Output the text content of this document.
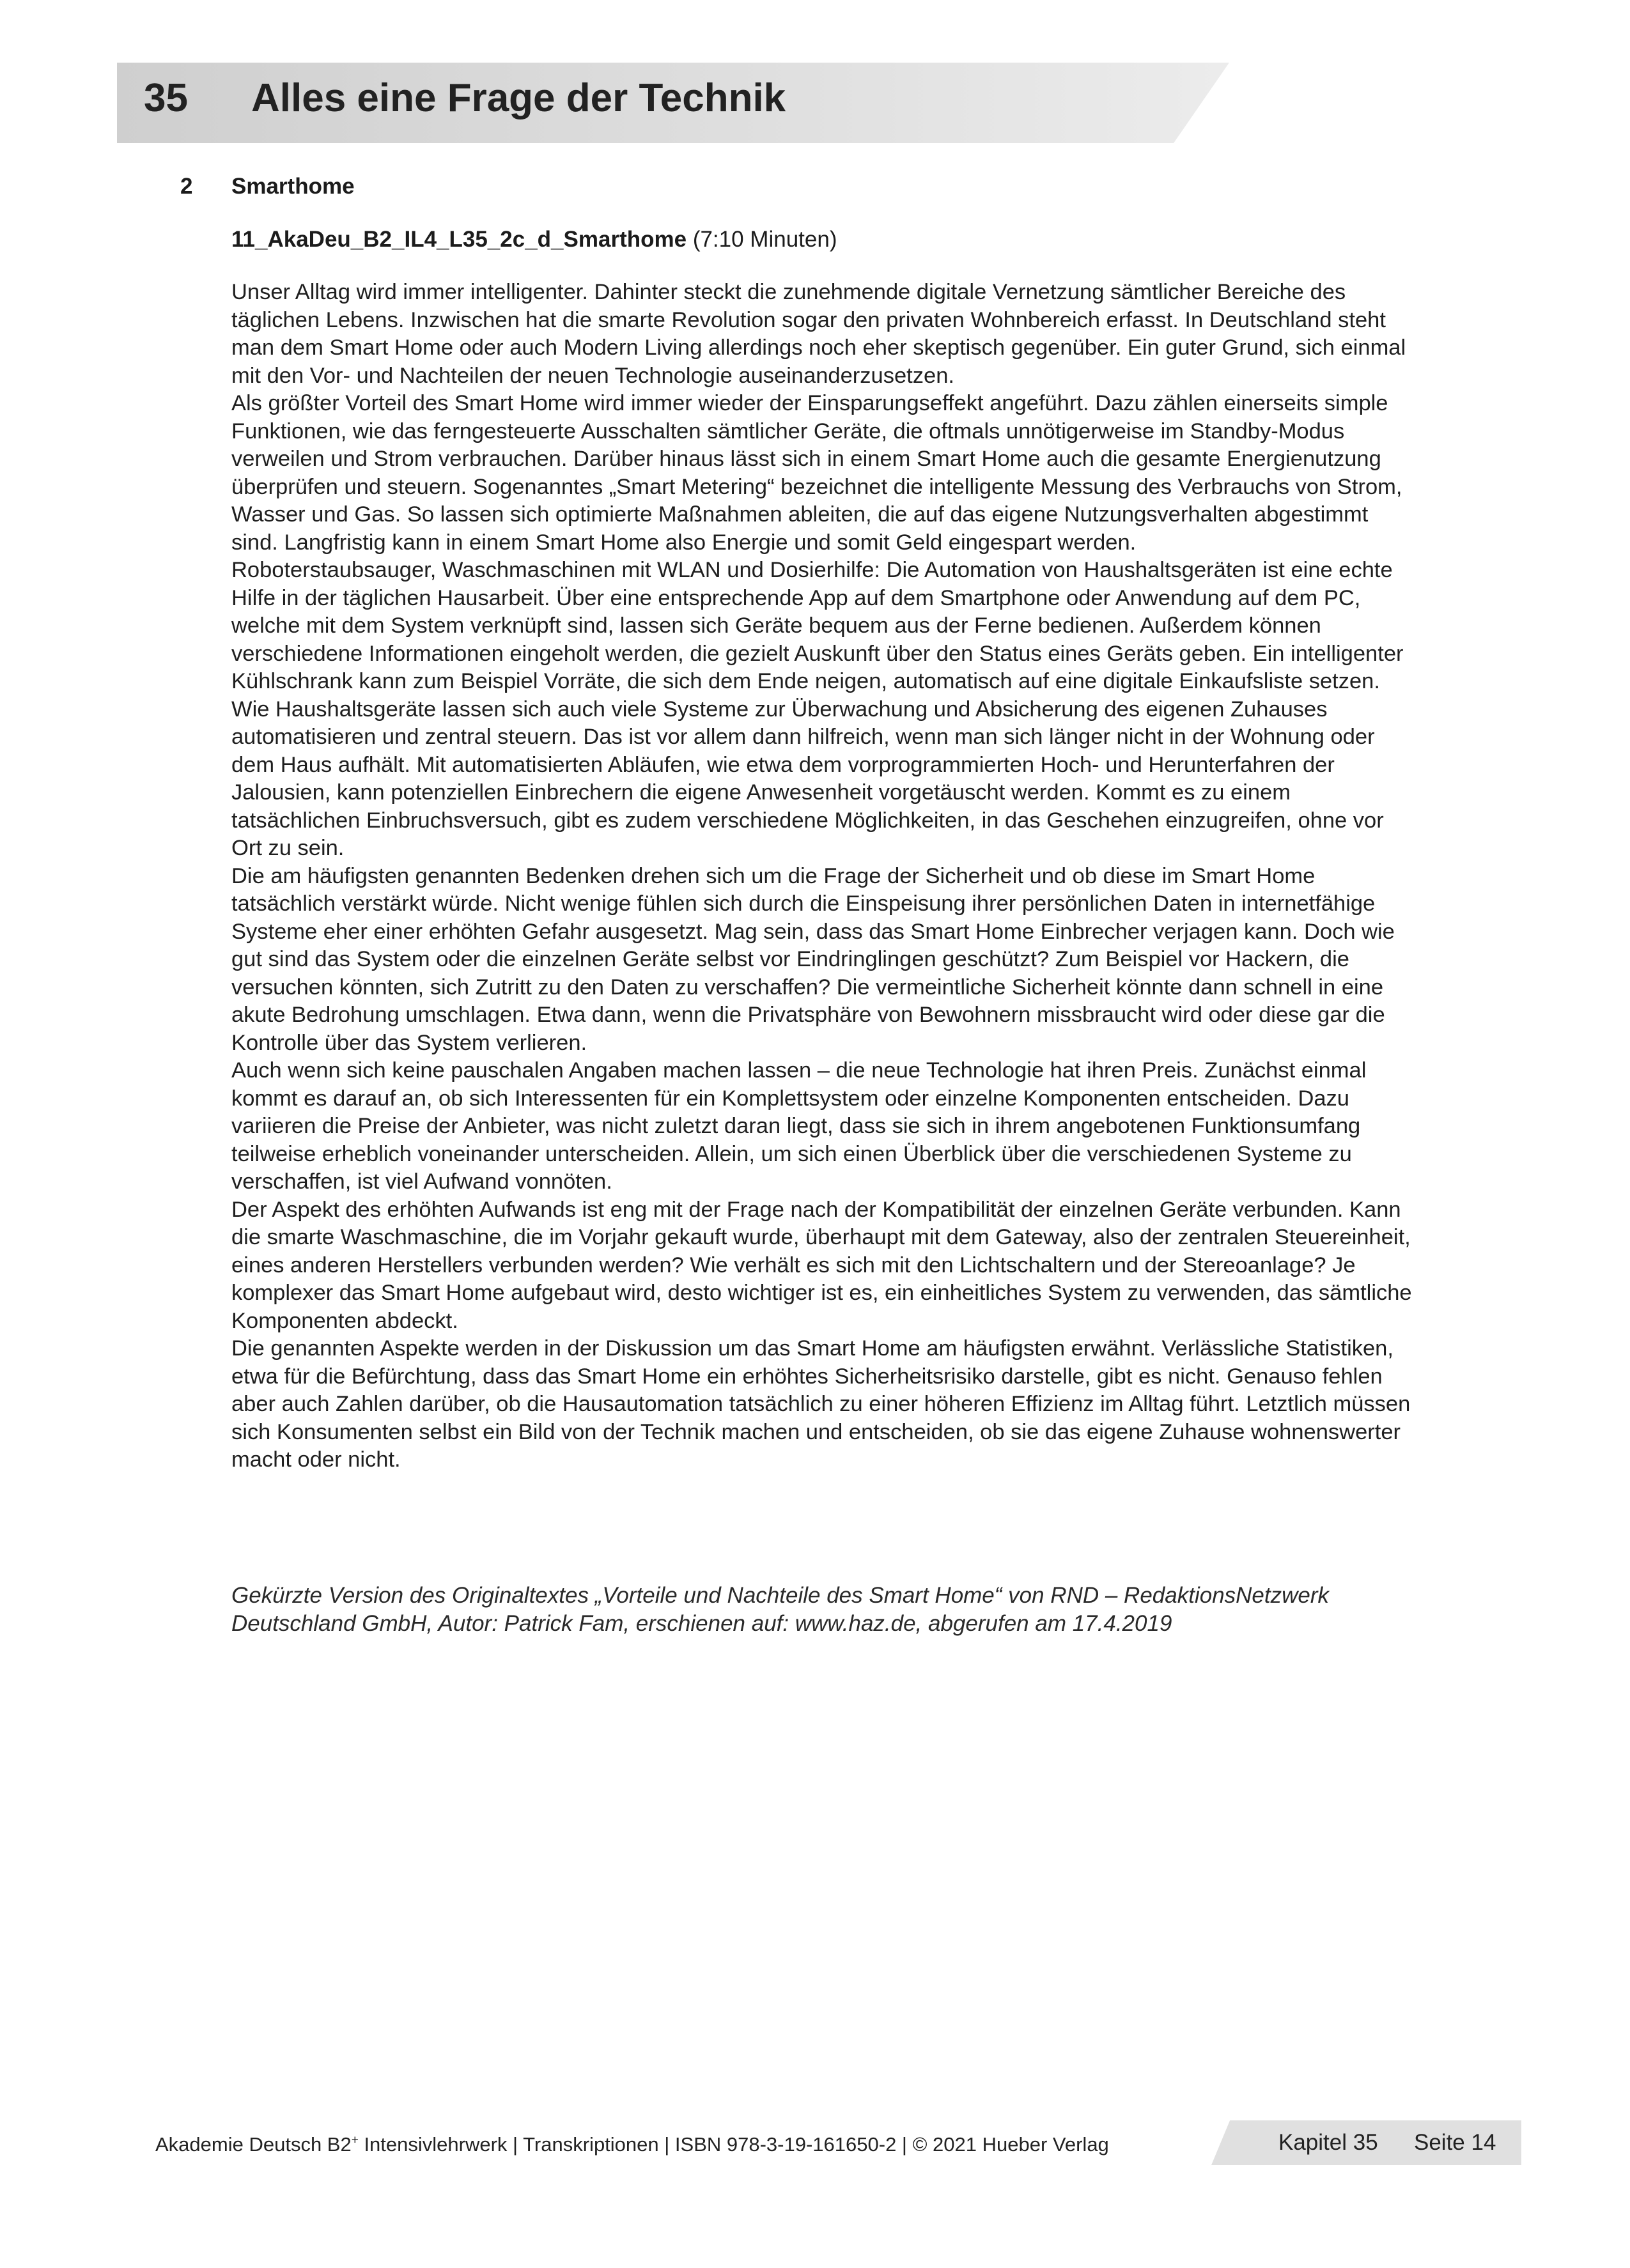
35 Alles eine Frage der Technik
2 Smarthome
11_AkaDeu_B2_IL4_L35_2c_d_Smarthome (7:10 Minuten)

Unser Alltag wird immer intelligenter. Dahinter steckt die zunehmende digitale Vernetzung sämtlicher Bereiche des täglichen Lebens. Inzwischen hat die smarte Revolution sogar den privaten Wohnbereich erfasst. In Deutschland steht man dem Smart Home oder auch Modern Living allerdings noch eher skeptisch gegenüber. Ein guter Grund, sich einmal mit den Vor- und Nachteilen der neuen Technologie auseinanderzusetzen.

Als größter Vorteil des Smart Home wird immer wieder der Einsparungseffekt angeführt. Dazu zählen einerseits simple Funktionen, wie das ferngesteuerte Ausschalten sämtlicher Geräte, die oftmals unnötigerweise im Standby-Modus verweilen und Strom verbrauchen. Darüber hinaus lässt sich in einem Smart Home auch die gesamte Energienutzung überprüfen und steuern. Sogenanntes „Smart Metering“ bezeichnet die intelligente Messung des Verbrauchs von Strom, Wasser und Gas. So lassen sich optimierte Maßnahmen ableiten, die auf das eigene Nutzungsverhalten abgestimmt sind. Langfristig kann in einem Smart Home also Energie und somit Geld eingespart werden.

Roboterstaubsauger, Waschmaschinen mit WLAN und Dosierhilfe: Die Automation von Haushaltsgeräten ist eine echte Hilfe in der täglichen Hausarbeit. Über eine entsprechende App auf dem Smartphone oder Anwendung auf dem PC, welche mit dem System verknüpft sind, lassen sich Geräte bequem aus der Ferne bedienen. Außerdem können verschiedene Informationen eingeholt werden, die gezielt Auskunft über den Status eines Geräts geben. Ein intelligenter Kühlschrank kann zum Beispiel Vorräte, die sich dem Ende neigen, automatisch auf eine digitale Einkaufsliste setzen.

Wie Haushaltsgeräte lassen sich auch viele Systeme zur Überwachung und Absicherung des eigenen Zuhauses automatisieren und zentral steuern. Das ist vor allem dann hilfreich, wenn man sich länger nicht in der Wohnung oder dem Haus aufhält. Mit automatisierten Abläufen, wie etwa dem vorprogrammierten Hoch- und Herunterfahren der Jalousien, kann potenziellen Einbrechern die eigene Anwesenheit vorgetäuscht werden. Kommt es zu einem tatsächlichen Einbruchsversuch, gibt es zudem verschiedene Möglichkeiten, in das Geschehen einzugreifen, ohne vor Ort zu sein.

Die am häufigsten genannten Bedenken drehen sich um die Frage der Sicherheit und ob diese im Smart Home tatsächlich verstärkt würde. Nicht wenige fühlen sich durch die Einspeisung ihrer persönlichen Daten in internetfähige Systeme eher einer erhöhten Gefahr ausgesetzt. Mag sein, dass das Smart Home Einbrecher verjagen kann. Doch wie gut sind das System oder die einzelnen Geräte selbst vor Eindringlingen geschützt? Zum Beispiel vor Hackern, die versuchen könnten, sich Zutritt zu den Daten zu verschaffen? Die vermeintliche Sicherheit könnte dann schnell in eine akute Bedrohung umschlagen. Etwa dann, wenn die Privatsphäre von Bewohnern missbraucht wird oder diese gar die Kontrolle über das System verlieren.

Auch wenn sich keine pauschalen Angaben machen lassen – die neue Technologie hat ihren Preis. Zunächst einmal kommt es darauf an, ob sich Interessenten für ein Komplettsystem oder einzelne Komponenten entscheiden. Dazu variieren die Preise der Anbieter, was nicht zuletzt daran liegt, dass sie sich in ihrem angebotenen Funktionsumfang teilweise erheblich voneinander unterscheiden. Allein, um sich einen Überblick über die verschiedenen Systeme zu verschaffen, ist viel Aufwand vonnöten.

Der Aspekt des erhöhten Aufwands ist eng mit der Frage nach der Kompatibilität der einzelnen Geräte verbunden. Kann die smarte Waschmaschine, die im Vorjahr gekauft wurde, überhaupt mit dem Gateway, also der zentralen Steuereinheit, eines anderen Herstellers verbunden werden? Wie verhält es sich mit den Lichtschaltern und der Stereoanlage? Je komplexer das Smart Home aufgebaut wird, desto wichtiger ist es, ein einheitliches System zu verwenden, das sämtliche Komponenten abdeckt.

Die genannten Aspekte werden in der Diskussion um das Smart Home am häufigsten erwähnt. Verlässliche Statistiken, etwa für die Befürchtung, dass das Smart Home ein erhöhtes Sicherheitsrisiko darstelle, gibt es nicht. Genauso fehlen aber auch Zahlen darüber, ob die Hausautomation tatsächlich zu einer höheren Effizienz im Alltag führt. Letztlich müssen sich Konsumenten selbst ein Bild von der Technik machen und entscheiden, ob sie das eigene Zuhause wohnenswerter macht oder nicht.

Gekürzte Version des Originaltextes „Vorteile und Nachteile des Smart Home“ von RND – RedaktionsNetzwerk Deutschland GmbH, Autor: Patrick Fam, erschienen auf: www.haz.de, abgerufen am 17.4.2019
Akademie Deutsch B2+ Intensivlehrwerk | Transkriptionen | ISBN 978-3-19-161650-2 | © 2021 Hueber Verlag	Kapitel 35 Seite 14
